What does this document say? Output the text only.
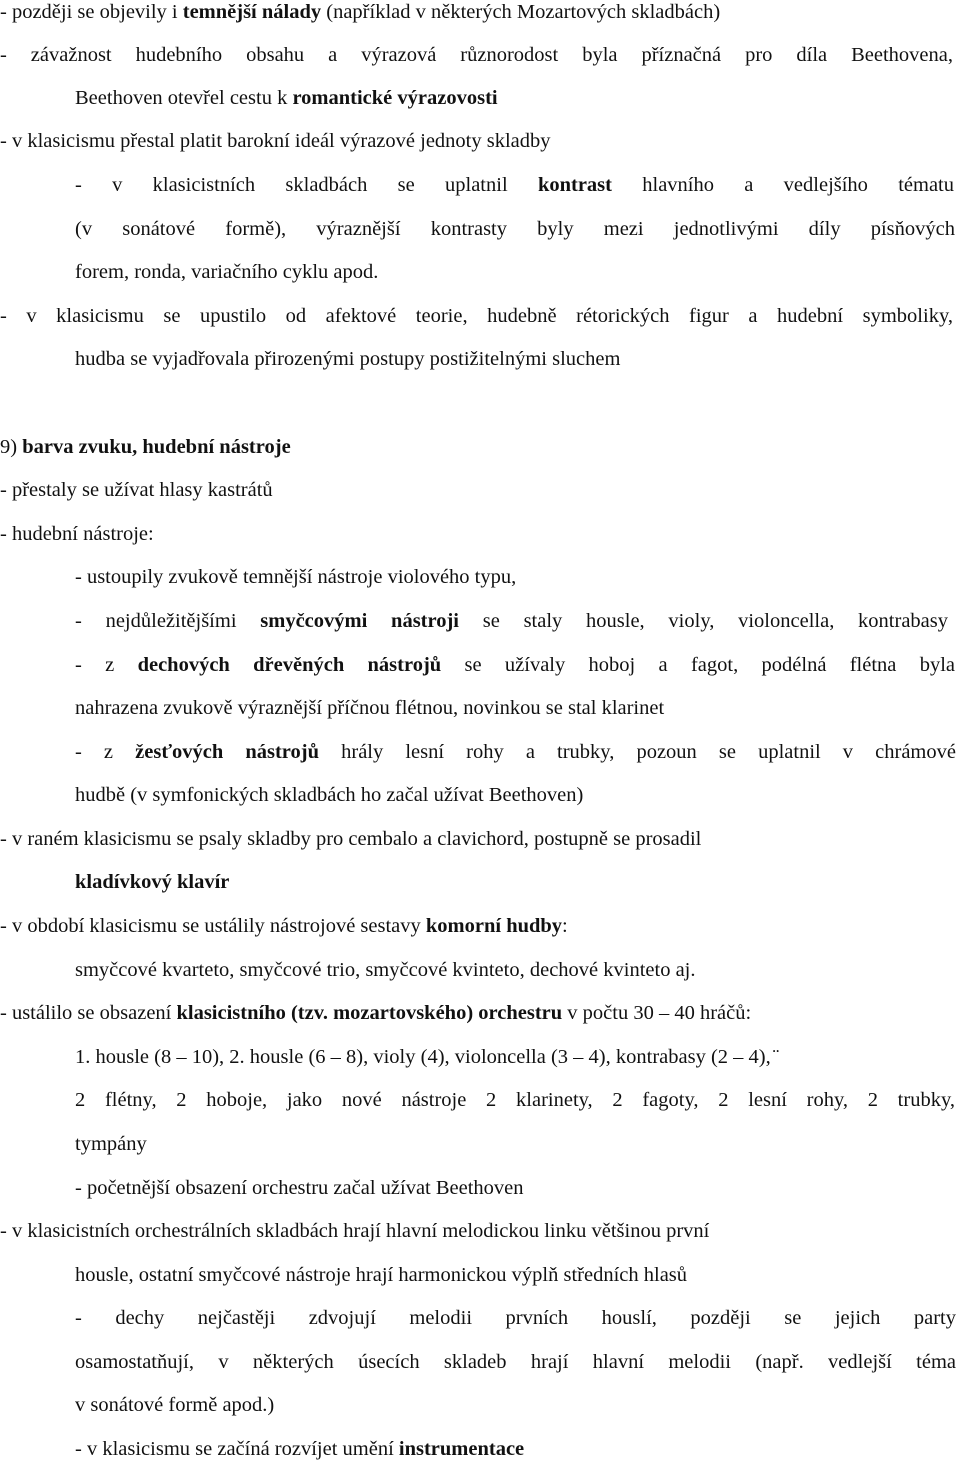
- později se objevily i temnější nálady (například v některých Mozartových skladbách)
- závažnost hudebního obsahu a výrazová různorodost byla příznačná pro díla Beethovena,
Beethoven otevřel cestu k romantické výrazovosti
- v klasicismu přestal platit barokní ideál výrazové jednoty skladby
- v klasicistních skladbách se uplatnil kontrast hlavního a vedlejšího tématu
(v sonátové formě), výraznější kontrasty byly mezi jednotlivými díly písňových
forem, ronda, variačního cyklu apod.
- v klasicismu se upustilo od afektové teorie, hudebně rétorických figur a hudební symboliky,
hudba se vyjadřovala přirozenými postupy postižitelnými sluchem
9) barva zvuku, hudební nástroje
- přestaly se užívat hlasy kastrátů
- hudební nástroje:
- ustoupily zvukově temnější nástroje violového typu,
- nejdůležitějšími smyčcovými nástroji se staly housle, violy, violoncella, kontrabasy
- z dechových dřevěných nástrojů se užívaly hoboj a fagot, podélná flétna byla
nahrazena zvukově výraznější příčnou flétnou, novinkou se stal klarinet
- z žesťových nástrojů hrály lesní rohy a trubky, pozoun se uplatnil v chrámové
hudbě (v symfonických skladbách ho začal užívat Beethoven)
- v raném klasicismu se psaly skladby pro cembalo a clavichord, postupně se prosadil
kladívkový klavír
- v období klasicismu se ustálily nástrojové sestavy komorní hudby:
smyčcové kvarteto, smyčcové trio, smyčcové kvinteto, dechové kvinteto aj.
- ustálilo se obsazení klasicistního (tzv. mozartovského) orchestru v počtu 30 – 40 hráčů:
1. housle (8 – 10), 2. housle (6 – 8), violy (4), violoncella (3 – 4), kontrabasy (2 – 4), ̈
2 flétny, 2 hoboje, jako nové nástroje 2 klarinety, 2 fagoty, 2 lesní rohy, 2 trubky,
tympány
- početnější obsazení orchestru začal užívat Beethoven
- v klasicistních orchestrálních skladbách hrají hlavní melodickou linku většinou první
housle, ostatní smyčcové nástroje hrají harmonickou výplň středních hlasů
- dechy nejčastěji zdvojují melodii prvních houslí, později se jejich party
osamostatňují, v některých úsecích skladeb hrají hlavní melodii (např. vedlejší téma
v sonátové formě apod.)
- v klasicismu se začíná rozvíjet umění instrumentace
